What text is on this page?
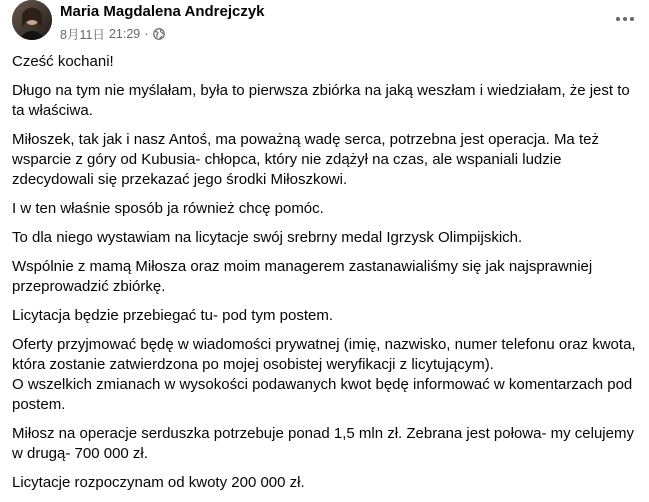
Maria Magdalena Andrejczyk
8月11日 21:29 ·

Cześć kochani!

Długo na tym nie myślałam, była to pierwsza zbiórka na jaką weszłam i wiedziałam, że jest to ta właściwa.

Miłoszek, tak jak i nasz Antoś, ma poważną wadę serca, potrzebna jest operacja. Ma też wsparcie z góry od Kubusia- chłopca, który nie zdążył na czas, ale wspaniali ludzie zdecydowali się przekazać jego środki Miłoszkowi.

I w ten właśnie sposób ja również chcę pomóc.

To dla niego wystawiam na licytacje swój srebrny medal Igrzysk Olimpijskich.

Wspólnie z mamą Miłosza oraz moim managerem zastanawialiśmy się jak najsprawniej przeprowadzić zbiórkę.

Licytacja będzie przebiegać tu- pod tym postem.

Oferty przyjmować będę w wiadomości prywatnej (imię, nazwisko, numer telefonu oraz kwota, która zostanie zatwierdzona po mojej osobistej weryfikacji z licytującym).
O wszelkich zmianach w wysokości podawanych kwot będę informować w komentarzach pod postem.

Miłosz na operacje serduszka potrzebuje ponad 1,5 mln zł. Zebrana jest połowa- my celujemy w drugą- 700 000 zł.

Licytacje rozpoczynam od kwoty 200 000 zł.
